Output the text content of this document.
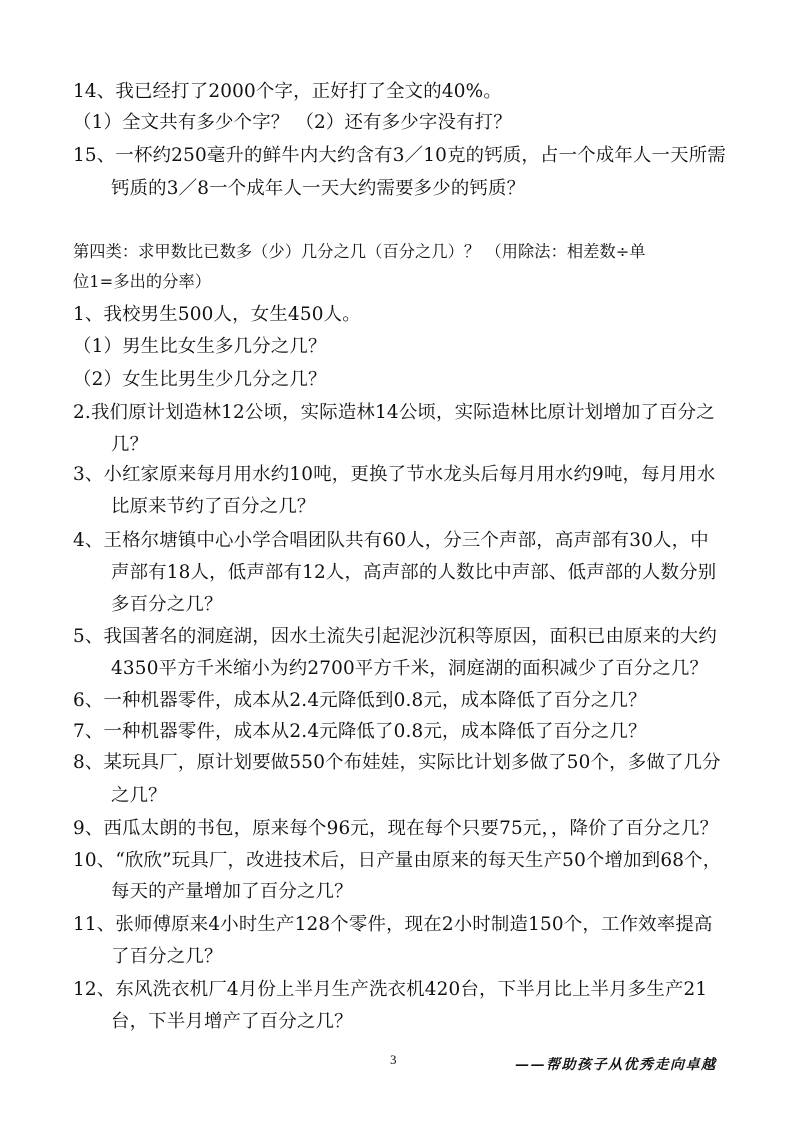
14、我已经打了2000个字，正好打了全文的40%。
（1）全文共有多少个字？ （2）还有多少字没有打？
15、一杯约250毫升的鲜牛内大约含有3／10克的钙质，占一个成年人一天所需
钙质的3／8一个成年人一天大约需要多少的钙质？
第四类：求甲数比已数多（少）几分之几（百分之几）？ （用除法：相差数÷单
位1=多出的分率）
1、我校男生500人，女生450人。
（1）男生比女生多几分之几？
（2）女生比男生少几分之几？
2.我们原计划造林12公顷，实际造林14公顷，实际造林比原计划增加了百分之
几？
3、小红家原来每月用水约10吨，更换了节水龙头后每月用水约9吨，每月用水
比原来节约了百分之几？
4、王格尔塘镇中心小学合唱团队共有60人，分三个声部，高声部有30人，中
声部有18人，低声部有12人，高声部的人数比中声部、低声部的人数分别
多百分之几？
5、我国著名的洞庭湖，因水土流失引起泥沙沉积等原因，面积已由原来的大约
4350平方千米缩小为约2700平方千米，洞庭湖的面积减少了百分之几？
6、一种机器零件，成本从2.4元降低到0.8元，成本降低了百分之几？
7、一种机器零件，成本从2.4元降低了0.8元，成本降低了百分之几？
8、某玩具厂，原计划要做550个布娃娃，实际比计划多做了50个，多做了几分
之几？
9、西瓜太朗的书包，原来每个96元，现在每个只要75元，，降价了百分之几？
10、“欣欣”玩具厂，改进技术后，日产量由原来的每天生产50个增加到68个，
每天的产量增加了百分之几？
11、张师傅原来4小时生产128个零件，现在2小时制造150个，工作效率提高
了百分之几？
12、东风洗衣机厂4月份上半月生产洗衣机420台，下半月比上半月多生产21
台，下半月增产了百分之几？
3	——帮助孩子从优秀走向卓越
